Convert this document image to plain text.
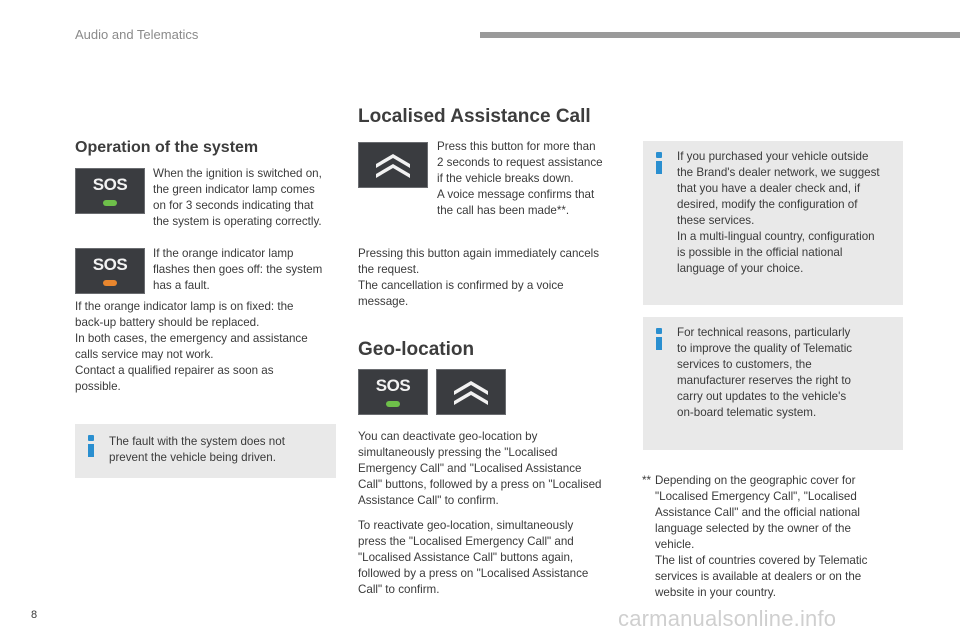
Audio and Telematics
Operation of the system
SOS
When the ignition is switched on,
the green indicator lamp comes
on for 3 seconds indicating that
the system is operating correctly.
SOS
If the orange indicator lamp
flashes then goes off: the system
has a fault.
If the orange indicator lamp is on fixed: the
back-up battery should be replaced.
In both cases, the emergency and assistance
calls service may not work.
Contact a qualified repairer as soon as
possible.
The fault with the system does not
prevent the vehicle being driven.
Localised Assistance Call
Press this button for more than
2 seconds to request assistance
if the vehicle breaks down.
A voice message confirms that
the call has been made**.
Pressing this button again immediately cancels
the request.
The cancellation is confirmed by a voice
message.
Geo-location
SOS
You can deactivate geo-location by
simultaneously pressing the "Localised
Emergency Call" and "Localised Assistance
Call" buttons, followed by a press on "Localised
Assistance Call" to confirm.
To reactivate geo-location, simultaneously
press the "Localised Emergency Call" and
"Localised Assistance Call" buttons again,
followed by a press on "Localised Assistance
Call" to confirm.
If you purchased your vehicle outside
the Brand's dealer network, we suggest
that you have a dealer check and, if
desired, modify the configuration of
these services.
In a multi-lingual country, configuration
is possible in the official national
language of your choice.
For technical reasons, particularly
to improve the quality of Telematic
services to customers, the
manufacturer reserves the right to
carry out updates to the vehicle's
on-board telematic system.
** Depending on the geographic cover for
"Localised Emergency Call", "Localised
Assistance Call" and the official national
language selected by the owner of the
vehicle.
The list of countries covered by Telematic
services is available at dealers or on the
website in your country.
8	carmanualsonline.info
